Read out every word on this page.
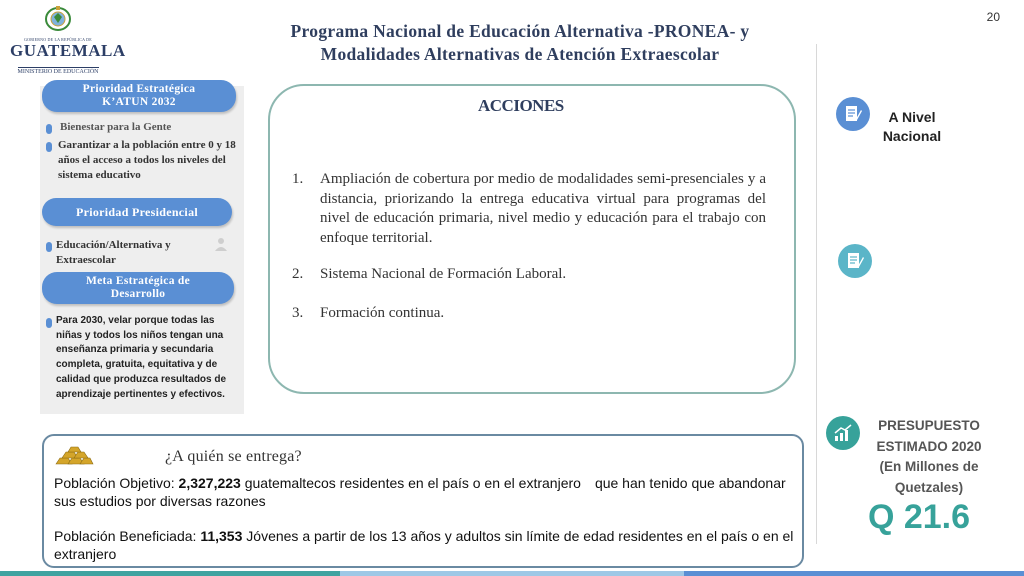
20
GOBIERNO DE LA REPÚBLICA DE
GUATEMALA
MINISTERIO DE EDUCACIÓN
Programa Nacional de Educación Alternativa -PRONEA- y
Modalidades Alternativas de Atención Extraescolar
Prioridad Estratégica
K’ATUN 2032
Bienestar para la Gente
Garantizar a la población entre 0 y 18 años el acceso a todos los niveles del sistema educativo
Prioridad Presidencial
Educación/Alternativa y Extraescolar
Meta Estratégica de
Desarrollo
Para 2030, velar porque todas las niñas y todos los niños tengan una enseñanza primaria y secundaria completa, gratuita, equitativa y de calidad que produzca resultados de aprendizaje pertinentes y efectivos.
ACCIONES
1. Ampliación de cobertura por medio de modalidades semi-presenciales y a distancia, priorizando la entrega educativa virtual para programas del nivel de educación primaria, nivel medio y educación para el trabajo con enfoque territorial.
2. Sistema Nacional de Formación Laboral.
3. Formación continua.
A Nivel
Nacional
PRESUPUESTO
ESTIMADO 2020
(En Millones de
Quetzales)
Q 21.6
¿A quién se entrega?
Población Objetivo: 2,327,223 guatemaltecos residentes en el país o en el extranjero que han tenido que abandonar sus estudios por diversas razones
Población Beneficiada: 11,353 Jóvenes a partir de los 13 años y adultos sin límite de edad residentes en el país o en el extranjero
